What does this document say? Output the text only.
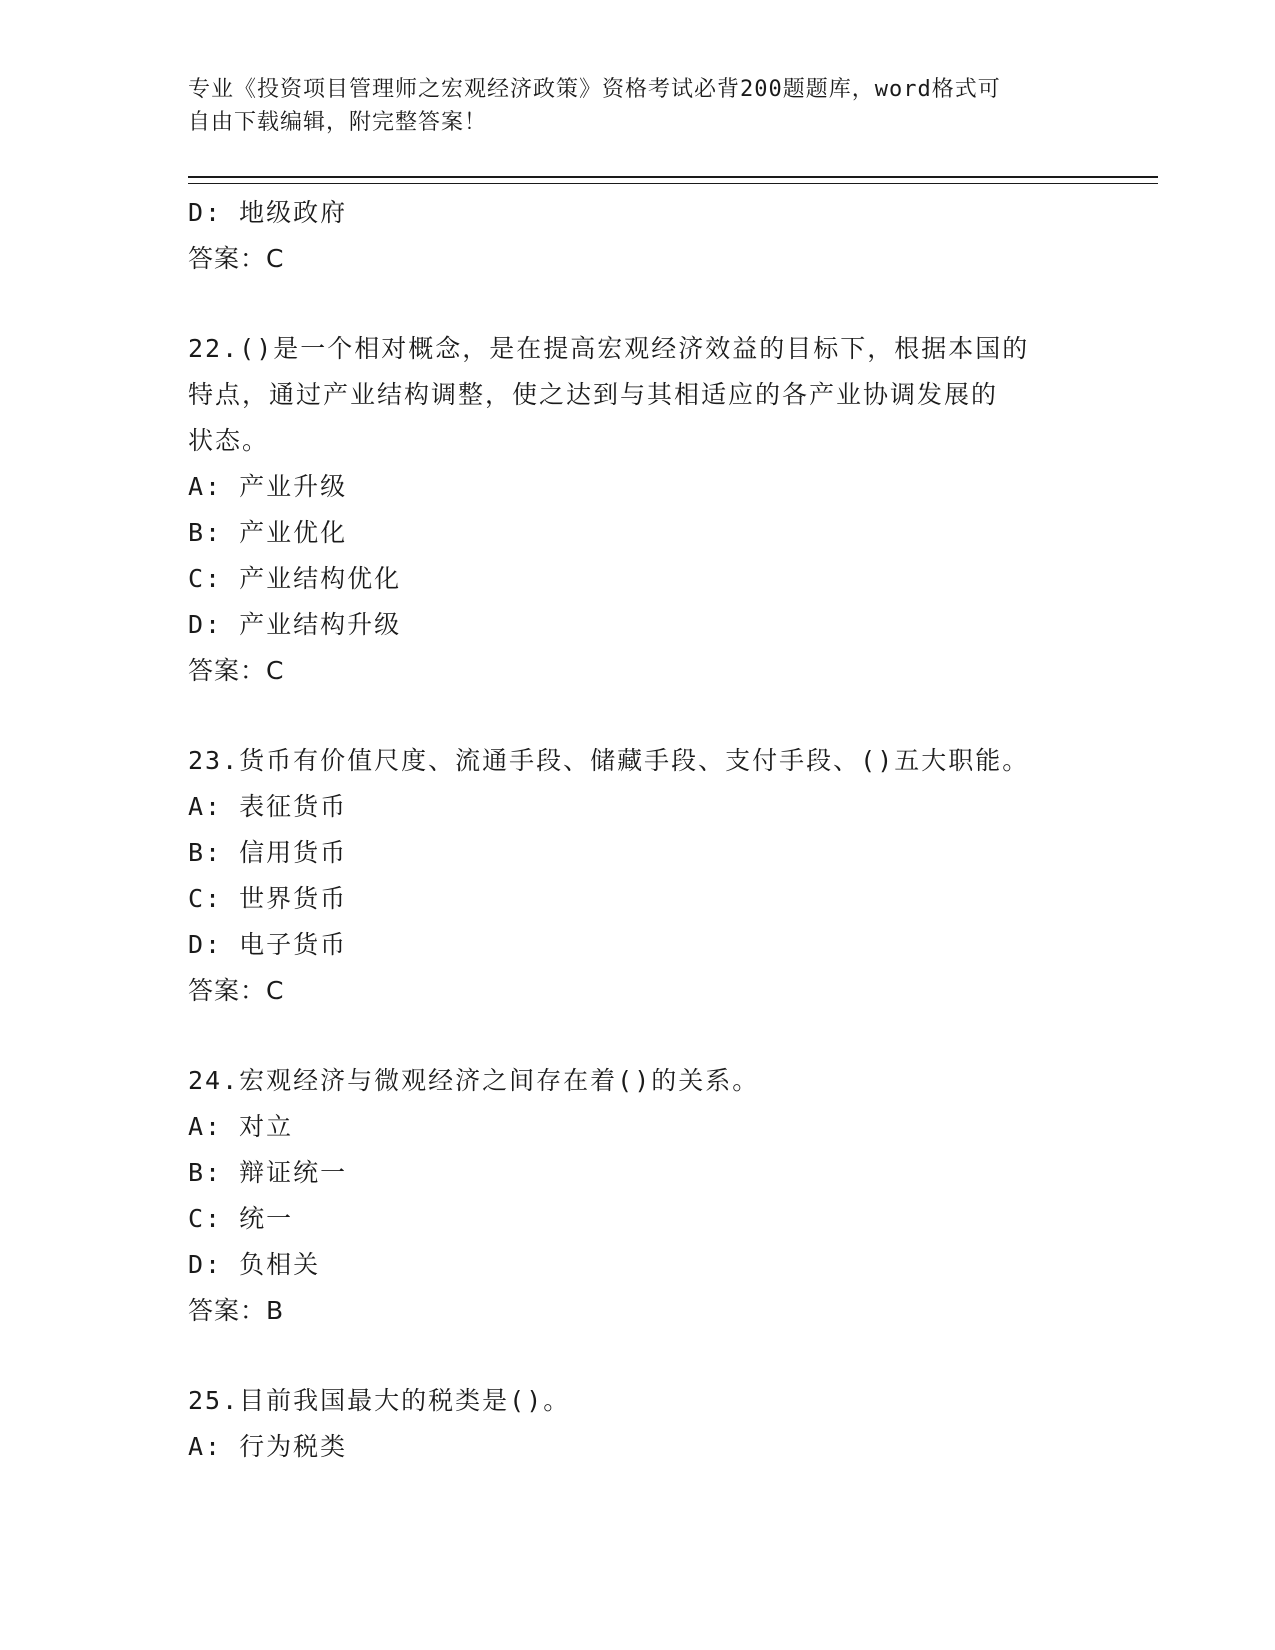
专业《投资项目管理师之宏观经济政策》资格考试必背200题题库，word格式可
自由下载编辑，附完整答案！
D: 地级政府
答案：C
22.()是一个相对概念，是在提高宏观经济效益的目标下，根据本国的
特点，通过产业结构调整，使之达到与其相适应的各产业协调发展的
状态。
A: 产业升级
B: 产业优化
C: 产业结构优化
D: 产业结构升级
答案：C
23.货币有价值尺度、流通手段、储藏手段、支付手段、()五大职能。
A: 表征货币
B: 信用货币
C: 世界货币
D: 电子货币
答案：C
24.宏观经济与微观经济之间存在着()的关系。
A: 对立
B: 辩证统一
C: 统一
D: 负相关
答案：B
25.目前我国最大的税类是()。
A: 行为税类
